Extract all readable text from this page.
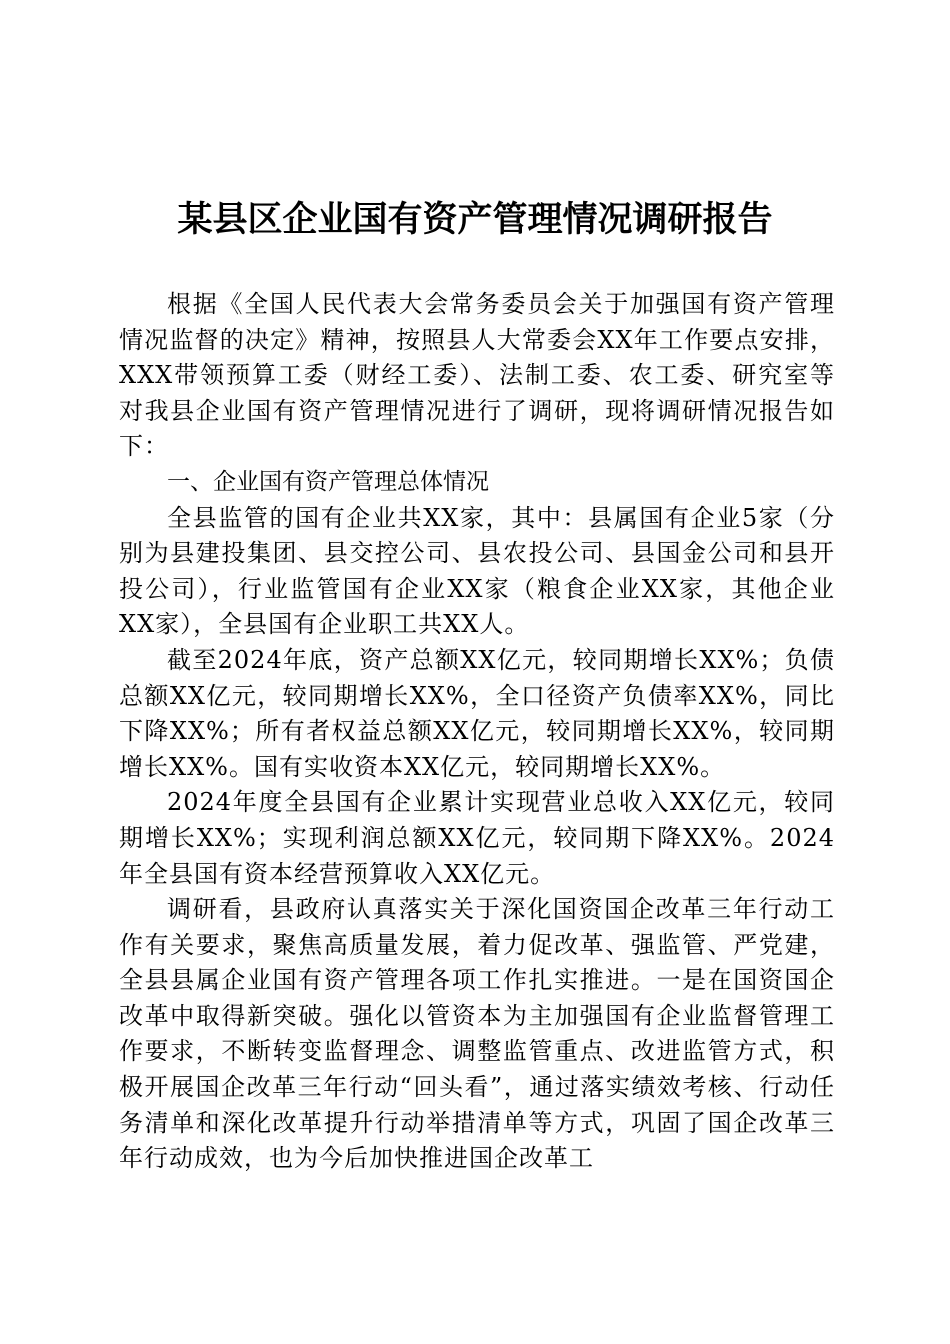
某县区企业国有资产管理情况调研报告

根据《全国人民代表大会常务委员会关于加强国有资产管理情况监督的决定》精神，按照县人大常委会XX年工作要点安排，XXX带领预算工委（财经工委）、法制工委、农工委、研究室等对我县企业国有资产管理情况进行了调研，现将调研情况报告如下：

一、企业国有资产管理总体情况

全县监管的国有企业共XX家，其中：县属国有企业5家（分别为县建投集团、县交控公司、县农投公司、县国金公司和县开投公司），行业监管国有企业XX家（粮食企业XX家，其他企业XX家），全县国有企业职工共XX人。

截至2024年底，资产总额XX亿元，较同期增长XX%；负债总额XX亿元，较同期增长XX%，全口径资产负债率XX%，同比下降XX%；所有者权益总额XX亿元，较同期增长XX%，较同期增长XX%。国有实收资本XX亿元，较同期增长XX%。

2024年度全县国有企业累计实现营业总收入XX亿元，较同期增长XX%；实现利润总额XX亿元，较同期下降XX%。2024年全县国有资本经营预算收入XX亿元。

调研看，县政府认真落实关于深化国资国企改革三年行动工作有关要求，聚焦高质量发展，着力促改革、强监管、严党建，全县县属企业国有资产管理各项工作扎实推进。一是在国资国企改革中取得新突破。强化以管资本为主加强国有企业监督管理工作要求，不断转变监督理念、调整监管重点、改进监管方式，积极开展国企改革三年行动“回头看”，通过落实绩效考核、行动任务清单和深化改革提升行动举措清单等方式，巩固了国企改革三年行动成效，也为今后加快推进国企改革工
